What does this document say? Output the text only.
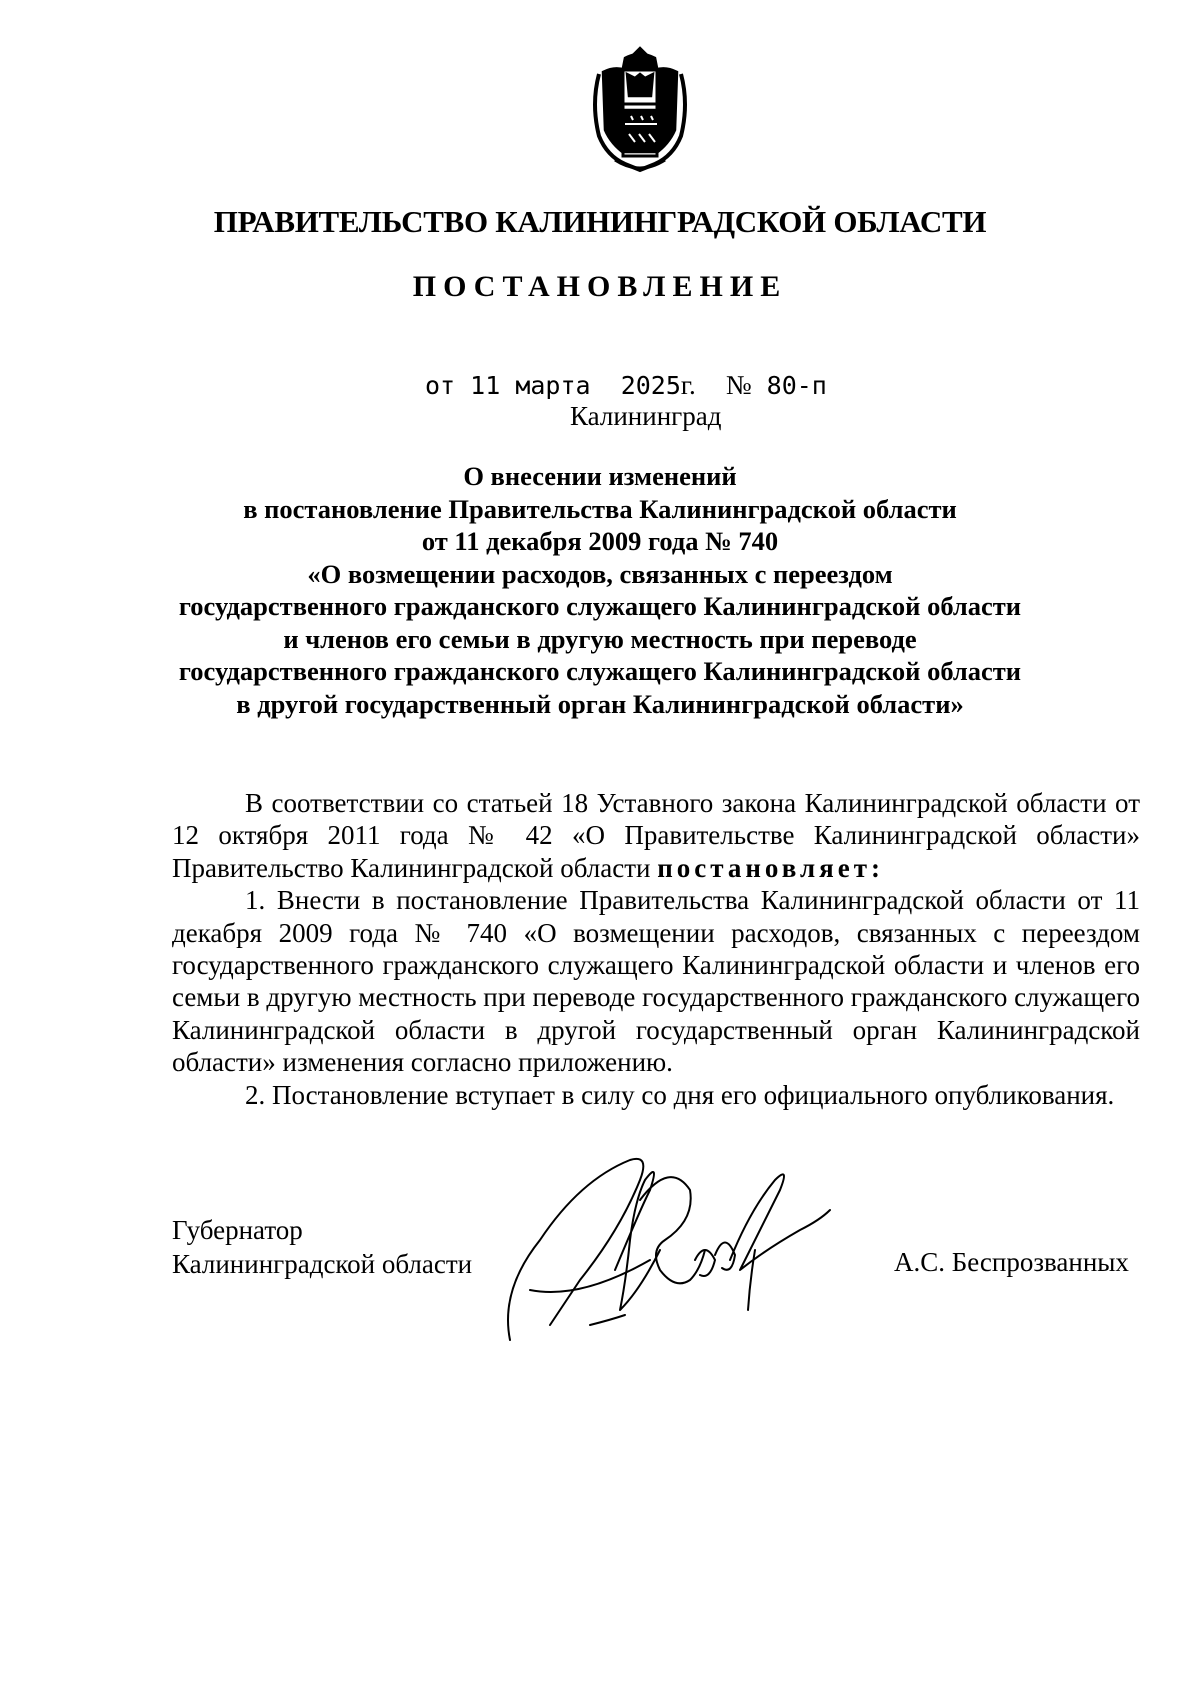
ПРАВИТЕЛЬСТВО КАЛИНИНГРАДСКОЙ ОБЛАСТИ
ПОСТАНОВЛЕНИЕ
от 11 марта 2025г. № 80-п
Калининград
О внесении изменений
в постановление Правительства Калининградской области
от 11 декабря 2009 года № 740
«О возмещении расходов, связанных с переездом
государственного гражданского служащего Калининградской области
и членов его семьи в другую местность при переводе
государственного гражданского служащего Калининградской области
в другой государственный орган Калининградской области»
В соответствии со статьей 18 Уставного закона Калининградской области от 12 октября 2011 года № 42 «О Правительстве Калининградской области» Правительство Калининградской области постановляет:
1. Внести в постановление Правительства Калининградской области от 11 декабря 2009 года № 740 «О возмещении расходов, связанных с переездом государственного гражданского служащего Калининградской области и членов его семьи в другую местность при переводе государственного гражданского служащего Калининградской области в другой государственный орган Калининградской области» изменения согласно приложению.
2. Постановление вступает в силу со дня его официального опубликования.
Губернатор
Калининградской области	А.С. Беспрозванных
